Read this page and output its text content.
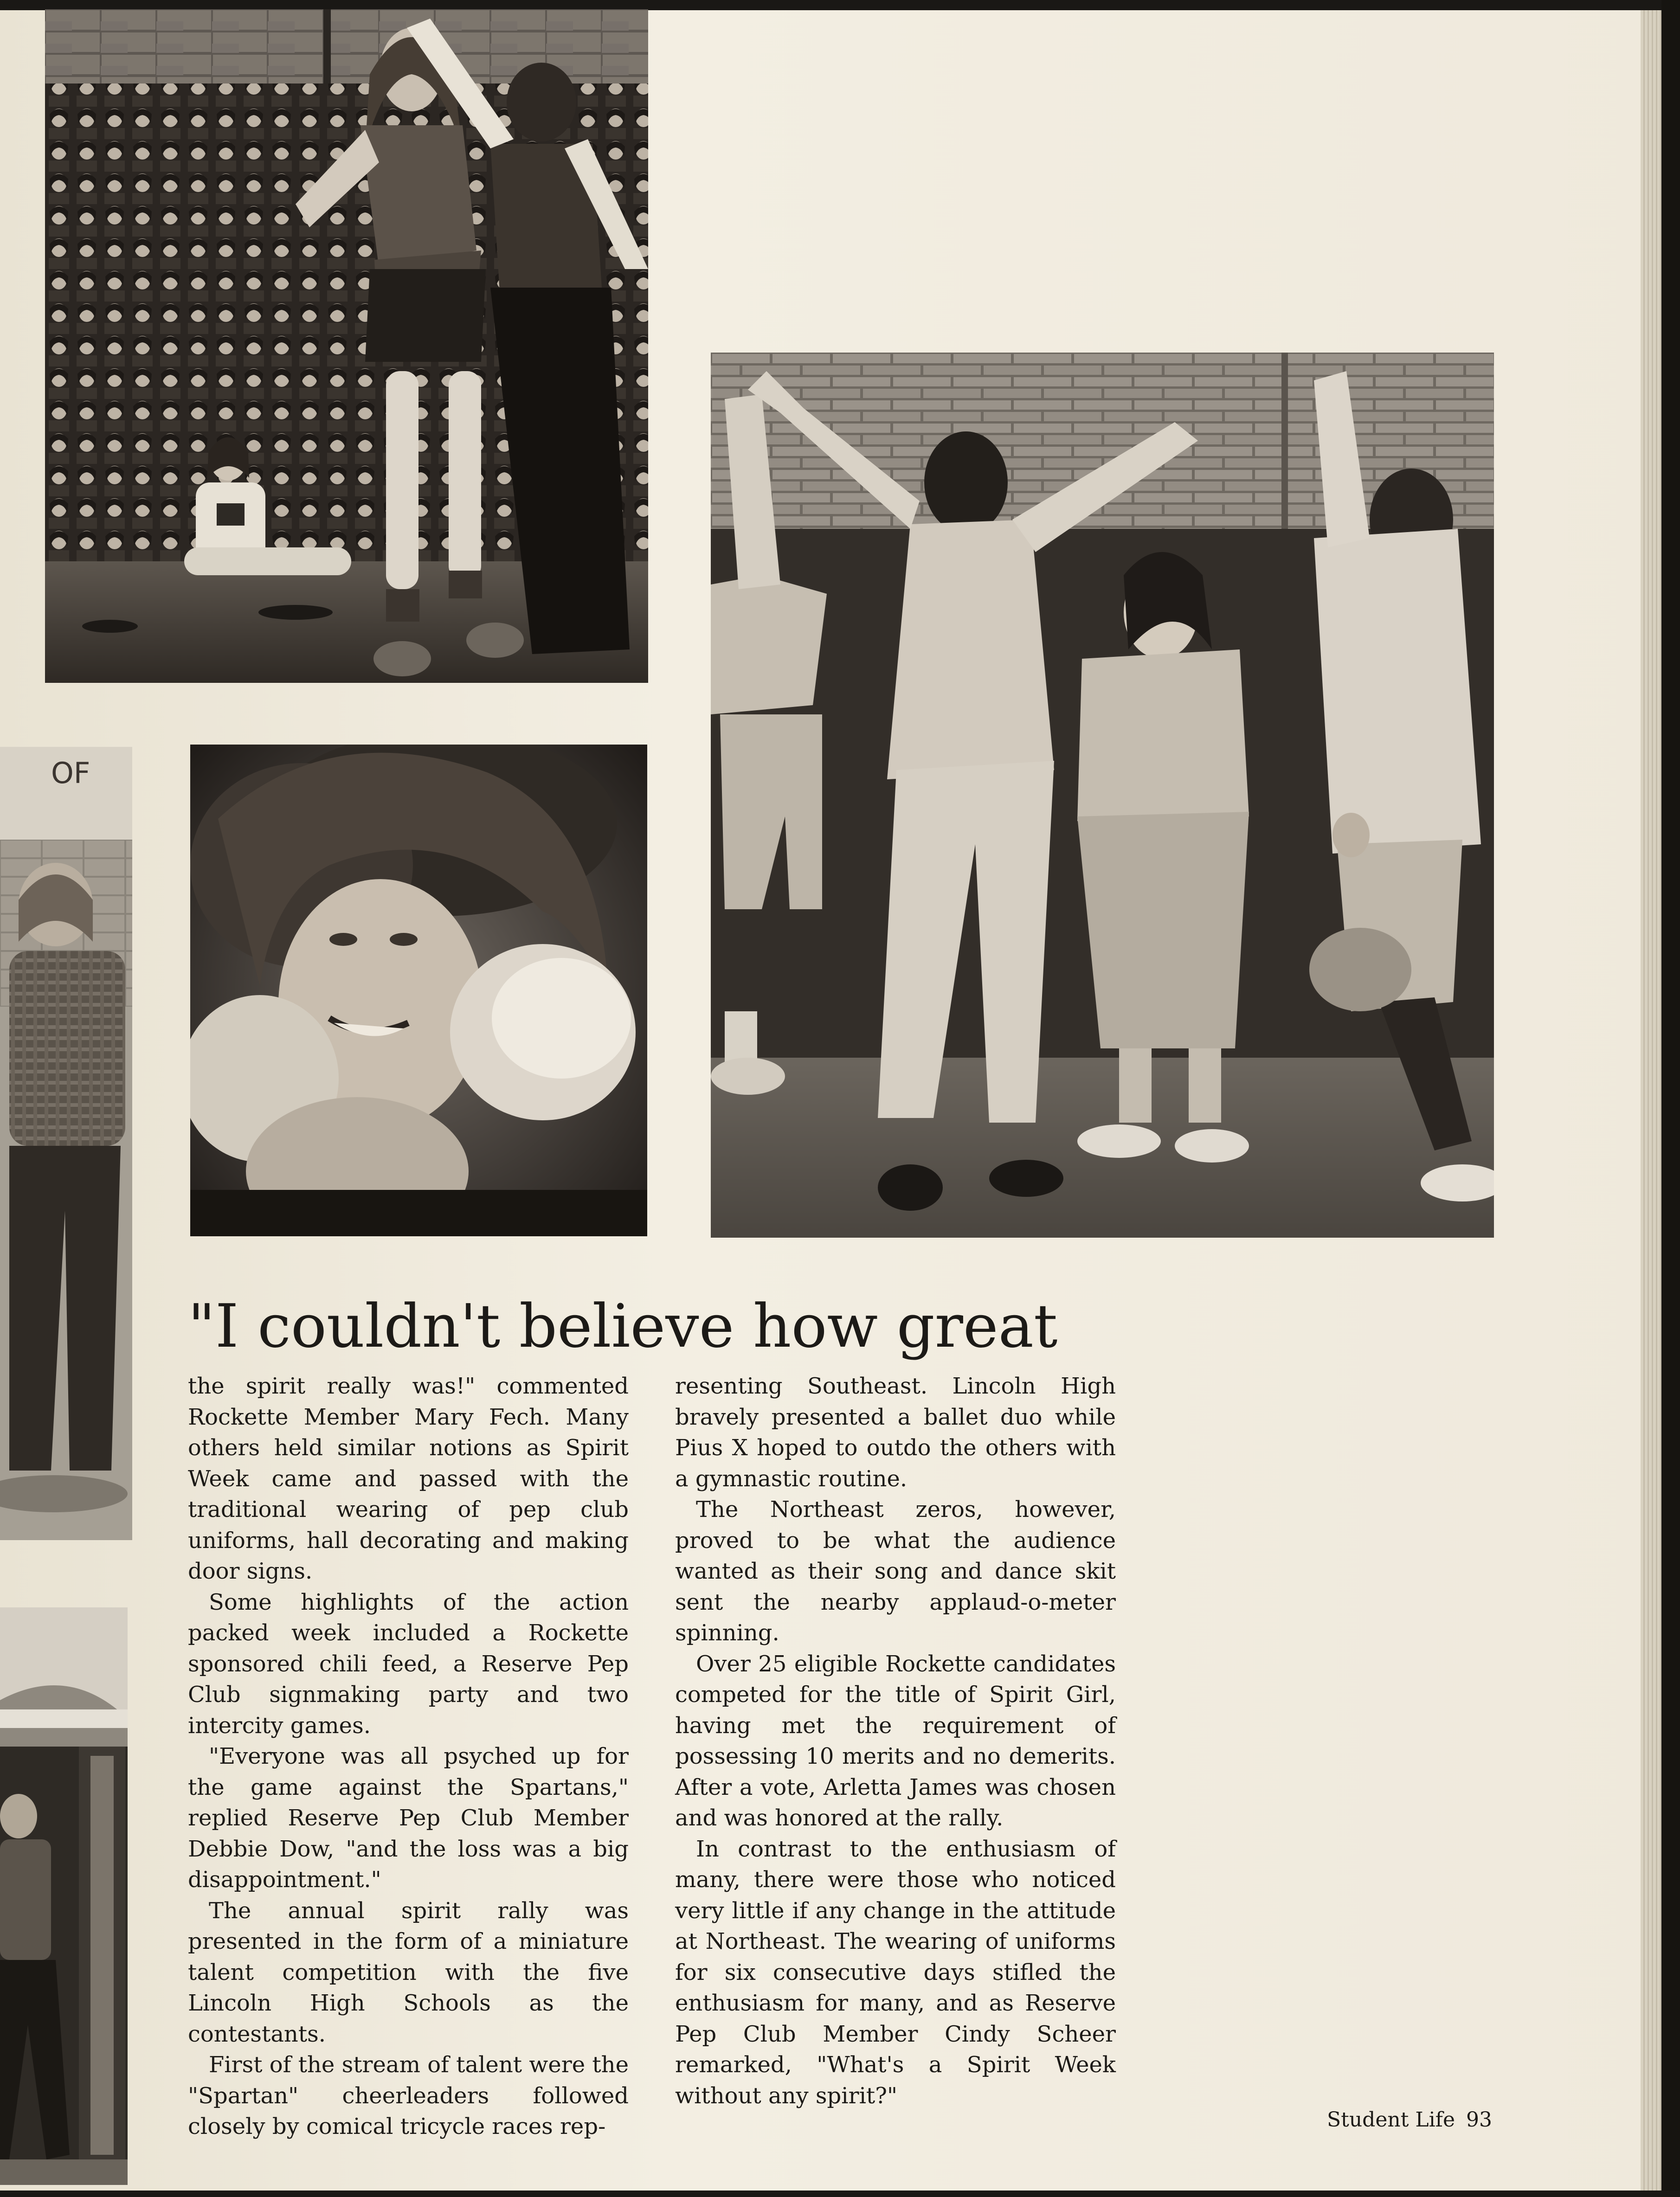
OF
"I couldn't believe how great

the spirit really was!" commented Rockette Member Mary Fech. Many others held similar notions as Spirit Week came and passed with the traditional wearing of pep club uniforms, hall decorating and making door signs.

Some highlights of the action packed week included a Rockette sponsored chili feed, a Reserve Pep Club signmaking party and two intercity games.

"Everyone was all psyched up for the game against the Spartans," replied Reserve Pep Club Member Debbie Dow, "and the loss was a big disappointment."

The annual spirit rally was presented in the form of a miniature talent competition with the five Lincoln High Schools as the contestants.

First of the stream of talent were the "Spartan" cheerleaders followed closely by comical tricycle races rep-

resenting Southeast. Lincoln High bravely presented a ballet duo while Pius X hoped to outdo the others with a gymnastic routine.

The Northeast zeros, however, proved to be what the audience wanted as their song and dance skit sent the nearby applaud-o-meter spinning.

Over 25 eligible Rockette candidates competed for the title of Spirit Girl, having met the requirement of possessing 10 merits and no demerits. After a vote, Arletta James was chosen and was honored at the rally.

In contrast to the enthusiasm of many, there were those who noticed very little if any change in the attitude at Northeast. The wearing of uniforms for six consecutive days stifled the enthusiasm for many, and as Reserve Pep Club Member Cindy Scheer remarked, "What's a Spirit Week without any spirit?"

Student Life 93
